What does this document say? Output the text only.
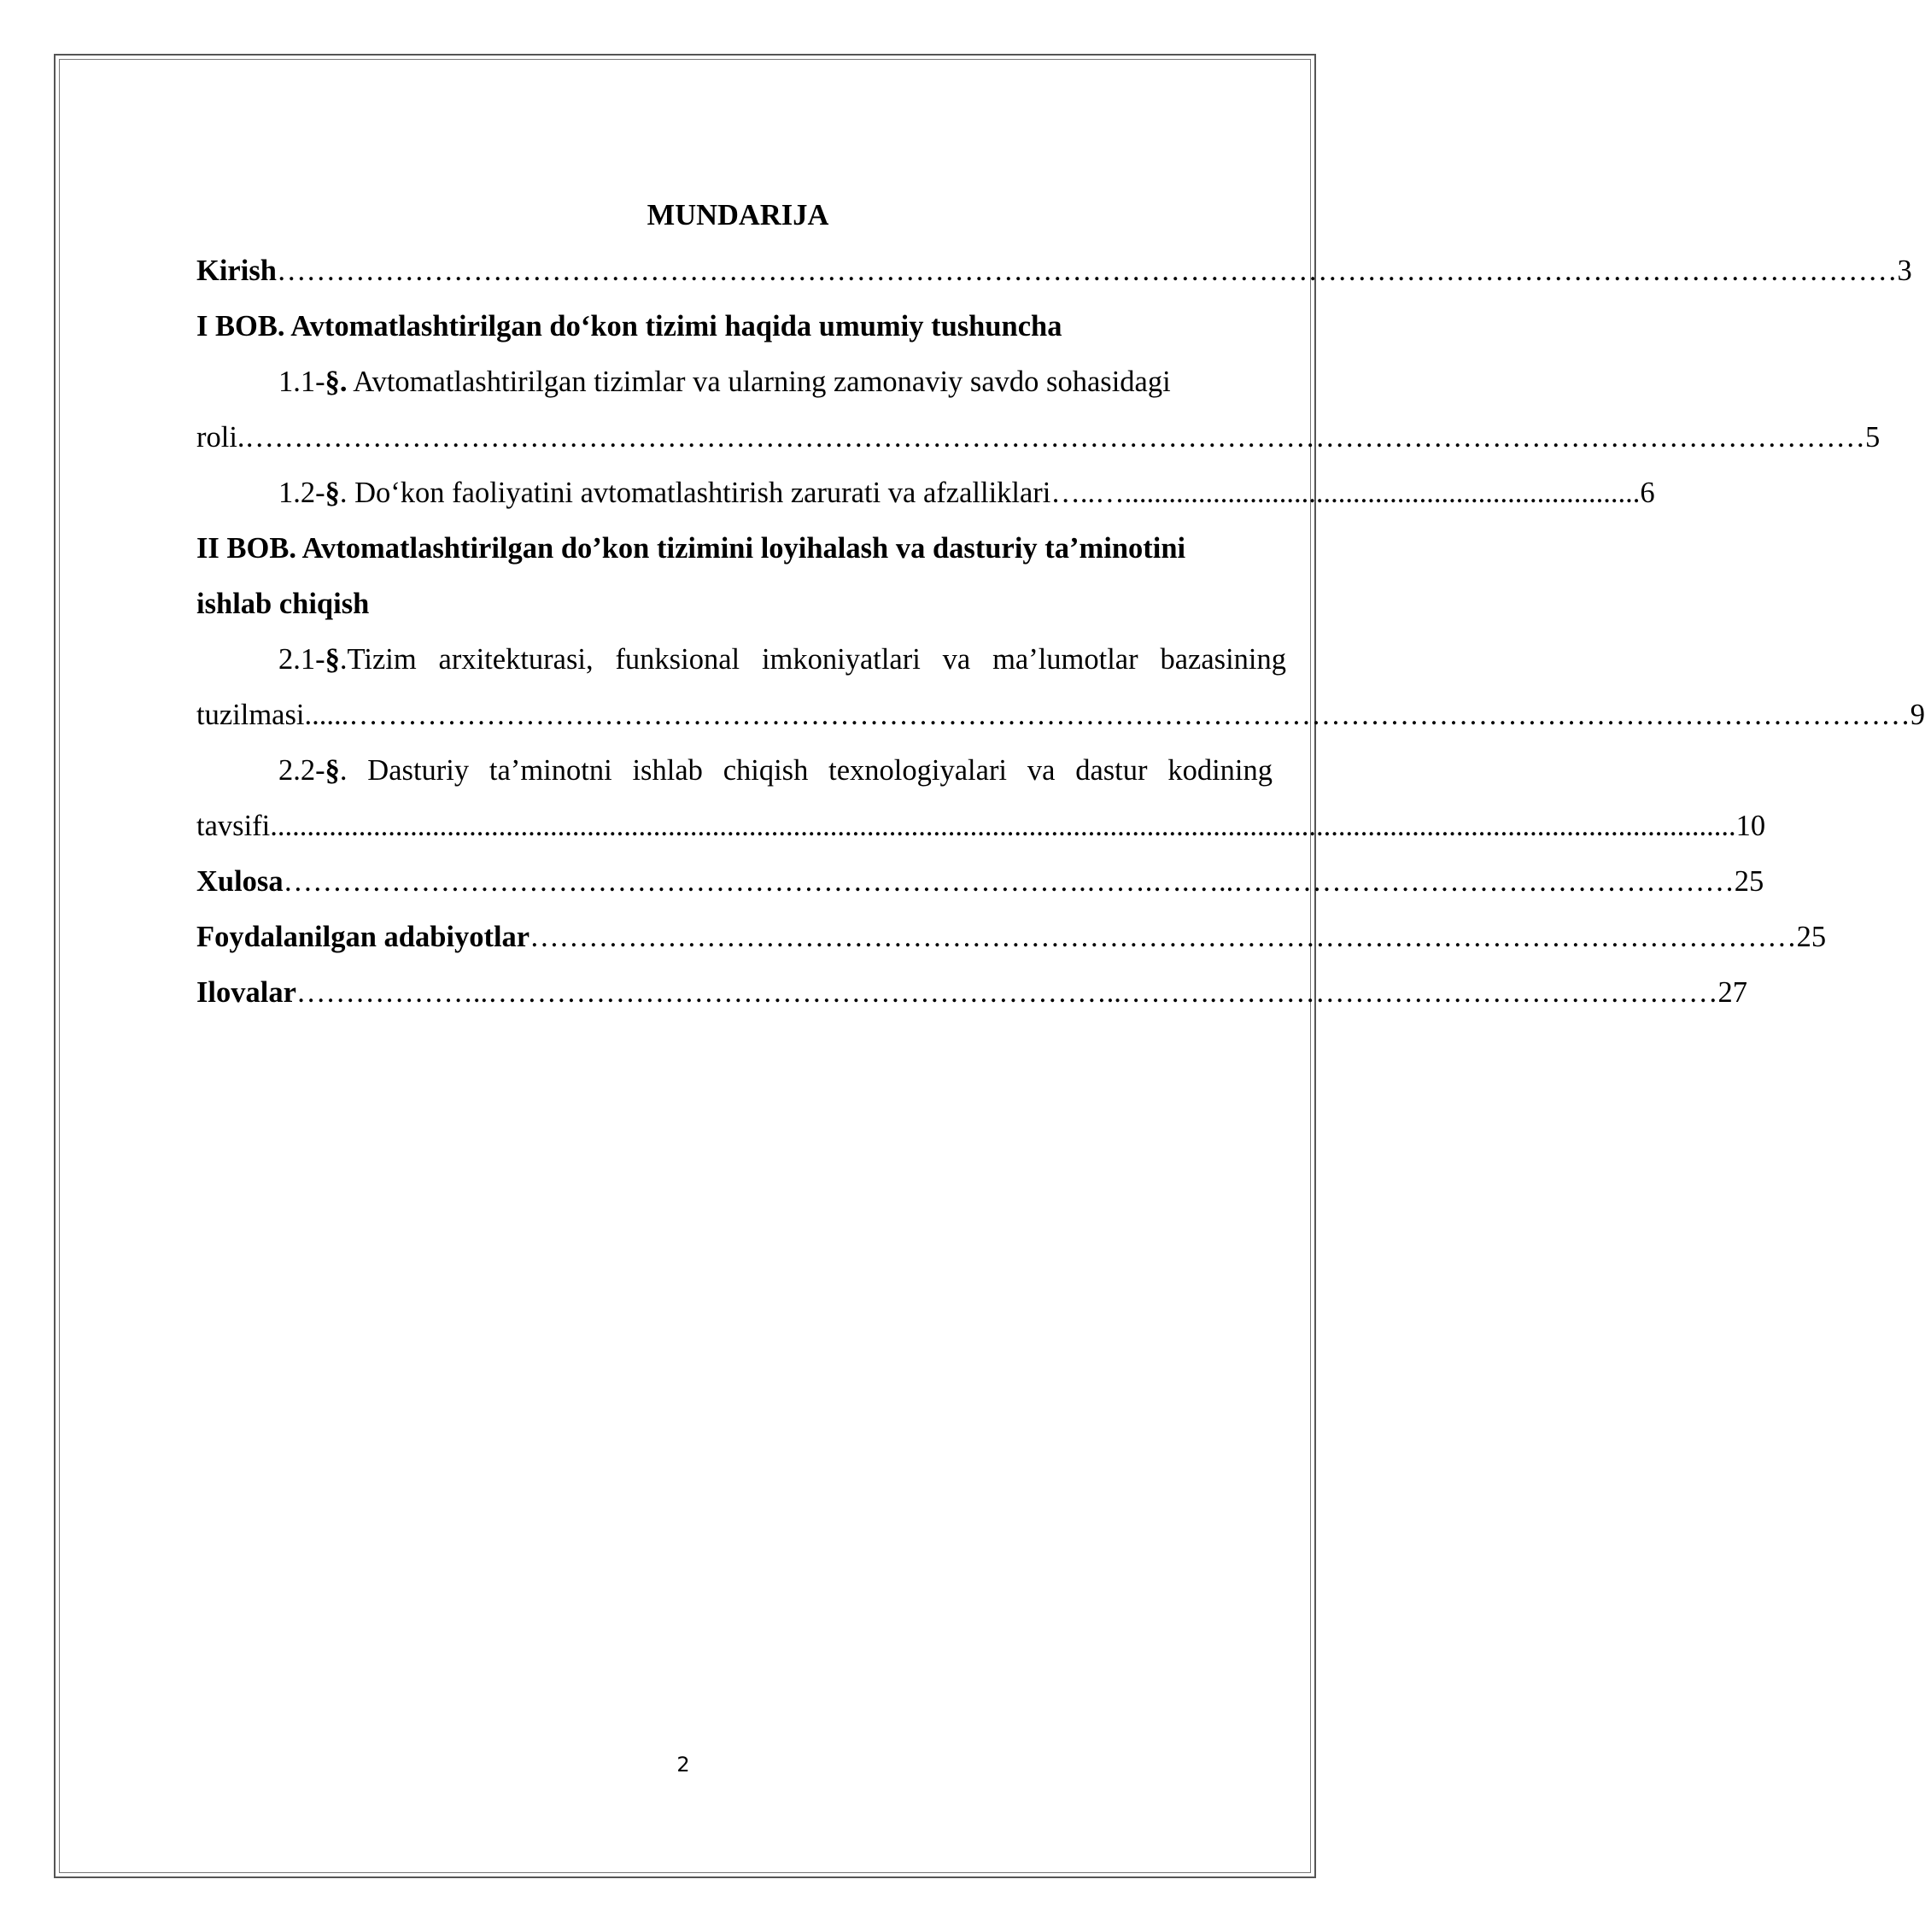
MUNDARIJA
Kirish ………………………………………………………………………………………………………………………………………………… 3
I BOB. Avtomatlashtirilgan do‘kon tizimi haqida umumiy tushuncha
1.1-§. Avtomatlashtirilgan tizimlar va ularning zamonaviy savdo sohasidagi
roli. ………………………………………………………………………………………………………………………………………………… 5
1.2- § . Do‘kon faoliyatini avtomatlashtirish zarurati va afzalliklari …..…...................................................................... 6
II BOB. Avtomatlashtirilgan do’kon tizimini loyihalash va dasturiy ta’minotini
ishlab chiqish
2.1-§.Tizim arxitekturasi, funksional imkoniyatlari va ma’lumotlar bazasining
tuzilmasi ......…………………………………………………………………………………………………………………………………………… 9
2.2-§. Dasturiy ta’minotni ishlab chiqish texnologiyalari va dastur kodining
tavsifi ....................................................................................................................................................................................................... 10
Xulosa ……………………………………………………………………….…….….…..…………………………………………… 25
Foydalanilgan adabiyotlar ………………………………………………………………………………………………………………… 25
Ilovalar ………………..………………………………………………………..……….…………………………………………… 27
2
